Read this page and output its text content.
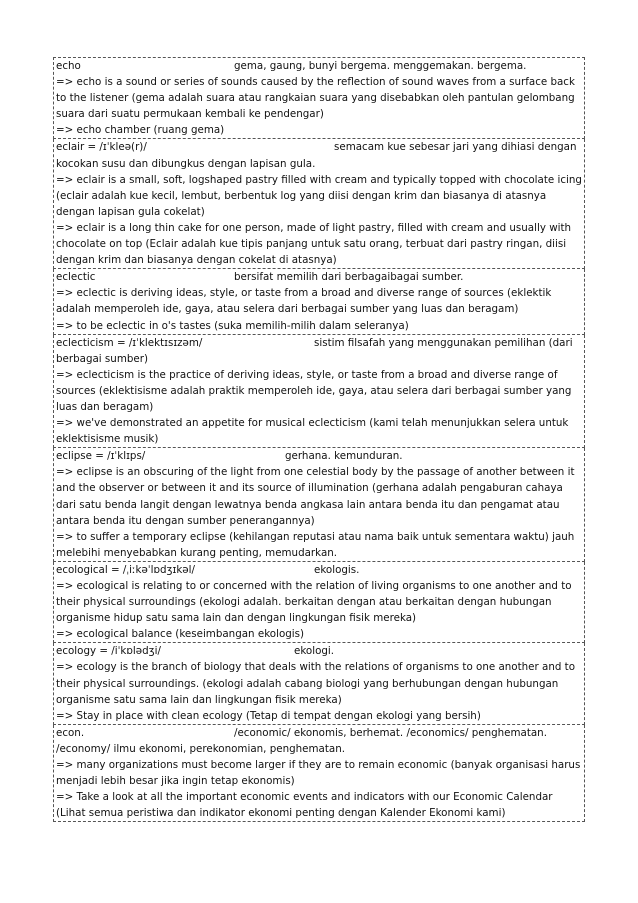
echo	gema, gaung, bunyi bergema. menggemakan. bergema.

=> echo is a sound or series of sounds caused by the reflection of sound waves from a surface back to the listener (gema adalah suara atau rangkaian suara yang disebabkan oleh pantulan gelombang suara dari suatu permukaan kembali ke pendengar)

=> echo chamber (ruang gema)

eclair = /ɪˈkleə(r)/	semacam kue sebesar jari yang dihiasi dengan

kocokan susu dan dibungkus dengan lapisan gula.

=> eclair is a small, soft, logshaped pastry filled with cream and typically topped with chocolate icing (eclair adalah kue kecil, lembut, berbentuk log yang diisi dengan krim dan biasanya di atasnya dengan lapisan gula cokelat)

=> eclair is a long thin cake for one person, made of light pastry, filled with cream and usually with chocolate on top (Eclair adalah kue tipis panjang untuk satu orang, terbuat dari pastry ringan, diisi dengan krim dan biasanya dengan cokelat di atasnya)

eclectic	bersifat memilih dari berbagaibagai sumber.

=> eclectic is deriving ideas, style, or taste from a broad and diverse range of sources (eklektik adalah memperoleh ide, gaya, atau selera dari berbagai sumber yang luas dan beragam)

=> to be eclectic in o's tastes (suka memilih-milih dalam seleranya)

eclecticism = /ɪˈklektɪsɪzəm/	sistim filsafah yang menggunakan pemilihan (dari

berbagai sumber)

=> eclecticism is the practice of deriving ideas, style, or taste from a broad and diverse range of sources (eklektisisme adalah praktik memperoleh ide, gaya, atau selera dari berbagai sumber yang luas dan beragam)

=> we've demonstrated an appetite for musical eclecticism (kami telah menunjukkan selera untuk eklektisisme musik)

eclipse = /ɪˈklɪps/	gerhana. kemunduran.

=> eclipse is an obscuring of the light from one celestial body by the passage of another between it and the observer or between it and its source of illumination (gerhana adalah pengaburan cahaya dari satu benda langit dengan lewatnya benda angkasa lain antara benda itu dan pengamat atau antara benda itu dengan sumber penerangannya)

=> to suffer a temporary eclipse (kehilangan reputasi atau nama baik untuk sementara waktu) jauh melebihi menyebabkan kurang penting, memudarkan.

ecological = /ˌiːkəˈlɒdʒɪkəl/	ekologis.

=> ecological is relating to or concerned with the relation of living organisms to one another and to their physical surroundings (ekologi adalah. berkaitan dengan atau berkaitan dengan hubungan organisme hidup satu sama lain dan dengan lingkungan fisik mereka)

=> ecological balance (keseimbangan ekologis)

ecology = /iˈkɒlədʒi/	ekologi.

=> ecology is the branch of biology that deals with the relations of organisms to one another and to their physical surroundings. (ekologi adalah cabang biologi yang berhubungan dengan hubungan organisme satu sama lain dan lingkungan fisik mereka)

=> Stay in place with clean ecology (Tetap di tempat dengan ekologi yang bersih)

econ.	/economic/ ekonomis, berhemat. /economics/ penghematan.

/economy/ ilmu ekonomi, perekonomian, penghematan.

=> many organizations must become larger if they are to remain economic (banyak organisasi harus menjadi lebih besar jika ingin tetap ekonomis)

=> Take a look at all the important economic events and indicators with our Economic Calendar (Lihat semua peristiwa dan indikator ekonomi penting dengan Kalender Ekonomi kami)
